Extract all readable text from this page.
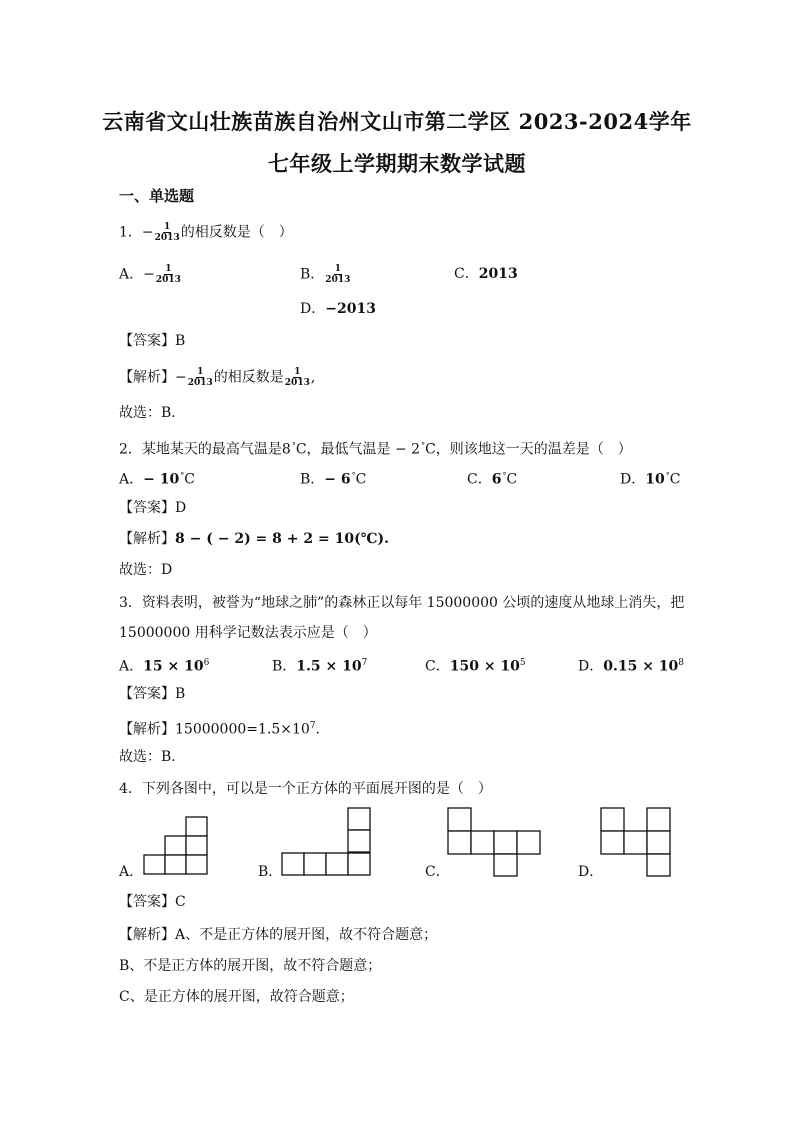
云南省文山壮族苗族自治州文山市第二学区 2023-2024学年
七年级上学期期末数学试题
一、单选题
1．− $\frac{1}{2013}$ 的相反数是（　）
A．− $\frac{1}{2013}$	B． $\frac{1}{2013}$	C．2013
D．−2013
【答案】B
【解析】− $\frac{1}{2013}$ 的相反数是 $\frac{1}{2013}$ ,
故选：B．
2．某地某天的最高气温是8°C，最低气温是 − 2°C，则该地这一天的温差是（　）
A．− 10°C	B．− 6°C	C．6°C	D．10°C
【答案】D
【解析】8 − ( − 2) = 8 + 2 = 10(℃).
故选：D
3．资料表明，被誉为“地球之肺”的森林正以每年 15000000 公顷的速度从地球上消失，把
15000000 用科学记数法表示应是（　）
A．$15 \times 10^6$	B．$1.5 \times 10^7$	C．$150 \times 10^5$	D．$0.15 \times 10^8$
【答案】B
【解析】$15000000=1.5\times 10^7$.
故选：B．
4．下列各图中，可以是一个正方体的平面展开图的是（　）
A．	B．	C．	D．
【答案】C
【解析】A、不是正方体的展开图，故不符合题意；
B、不是正方体的展开图，故不符合题意；
C、是正方体的展开图，故符合题意；
